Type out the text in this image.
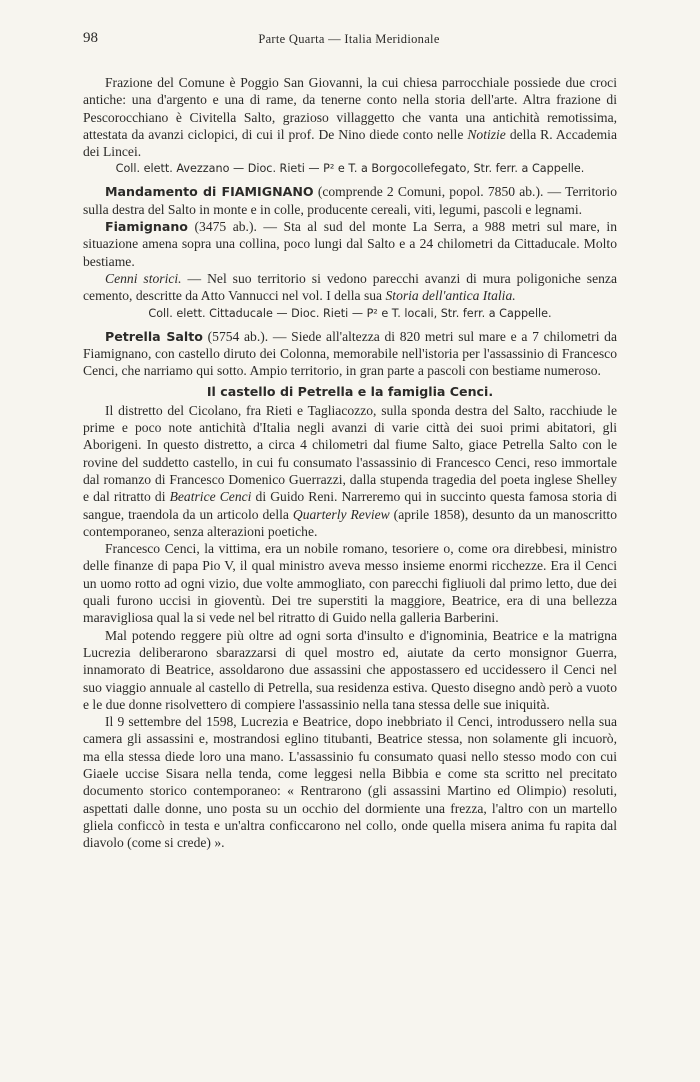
98	Parte Quarta — Italia Meridionale

Frazione del Comune è Poggio San Giovanni, la cui chiesa parrocchiale possiede due croci antiche: una d'argento e una di rame, da tenerne conto nella storia dell'arte. Altra frazione di Pescorocchiano è Civitella Salto, grazioso villaggetto che vanta una antichità remotissima, attestata da avanzi ciclopici, di cui il prof. De Nino diede conto nelle Notizie della R. Accademia dei Lincei.

Coll. elett. Avezzano — Dioc. Rieti — P² e T. a Borgocollefegato, Str. ferr. a Cappelle.

Mandamento di FIAMIGNANO (comprende 2 Comuni, popol. 7850 ab.). — Territorio sulla destra del Salto in monte e in colle, producente cereali, viti, legumi, pascoli e legnami.

Fiamignano (3475 ab.). — Sta al sud del monte La Serra, a 988 metri sul mare, in situazione amena sopra una collina, poco lungi dal Salto e a 24 chilometri da Cittaducale. Molto bestiame.

Cenni storici. — Nel suo territorio si vedono parecchi avanzi di mura poligoniche senza cemento, descritte da Atto Vannucci nel vol. I della sua Storia dell'antica Italia.

Coll. elett. Cittaducale — Dioc. Rieti — P² e T. locali, Str. ferr. a Cappelle.

Petrella Salto (5754 ab.). — Siede all'altezza di 820 metri sul mare e a 7 chilometri da Fiamignano, con castello diruto dei Colonna, memorabile nell'istoria per l'assassinio di Francesco Cenci, che narriamo qui sotto. Ampio territorio, in gran parte a pascoli con bestiame numeroso.

Il castello di Petrella e la famiglia Cenci.

Il distretto del Cicolano, fra Rieti e Tagliacozzo, sulla sponda destra del Salto, racchiude le prime e poco note antichità d'Italia negli avanzi di varie città dei suoi primi abitatori, gli Aborigeni. In questo distretto, a circa 4 chilometri dal fiume Salto, giace Petrella Salto con le rovine del suddetto castello, in cui fu consumato l'assassinio di Francesco Cenci, reso immortale dal romanzo di Francesco Domenico Guerrazzi, dalla stupenda tragedia del poeta inglese Shelley e dal ritratto di Beatrice Cenci di Guido Reni. Narreremo qui in succinto questa famosa storia di sangue, traendola da un articolo della Quarterly Review (aprile 1858), desunto da un manoscritto contemporaneo, senza alterazioni poetiche.

Francesco Cenci, la vittima, era un nobile romano, tesoriere o, come ora direbbesi, ministro delle finanze di papa Pio V, il qual ministro aveva messo insieme enormi ricchezze. Era il Cenci un uomo rotto ad ogni vizio, due volte ammogliato, con parecchi figliuoli dal primo letto, due dei quali furono uccisi in gioventù. Dei tre superstiti la maggiore, Beatrice, era di una bellezza maravigliosa qual la si vede nel bel ritratto di Guido nella galleria Barberini.

Mal potendo reggere più oltre ad ogni sorta d'insulto e d'ignominia, Beatrice e la matrigna Lucrezia deliberarono sbarazzarsi di quel mostro ed, aiutate da certo monsignor Guerra, innamorato di Beatrice, assoldarono due assassini che appostassero ed uccidessero il Cenci nel suo viaggio annuale al castello di Petrella, sua residenza estiva. Questo disegno andò però a vuoto e le due donne risolvettero di compiere l'assassinio nella tana stessa delle sue iniquità.

Il 9 settembre del 1598, Lucrezia e Beatrice, dopo inebbriato il Cenci, introdussero nella sua camera gli assassini e, mostrandosi eglino titubanti, Beatrice stessa, non solamente gli incuorò, ma ella stessa diede loro una mano. L'assassinio fu consumato quasi nello stesso modo con cui Giaele uccise Sisara nella tenda, come leggesi nella Bibbia e come sta scritto nel precitato documento storico contemporaneo: « Rentrarono (gli assassini Martino ed Olimpio) resoluti, aspettati dalle donne, uno posta su un occhio del dormiente una frezza, l'altro con un martello gliela conficcò in testa e un'altra conficcarono nel collo, onde quella misera anima fu rapita dal diavolo (come si crede) ».
